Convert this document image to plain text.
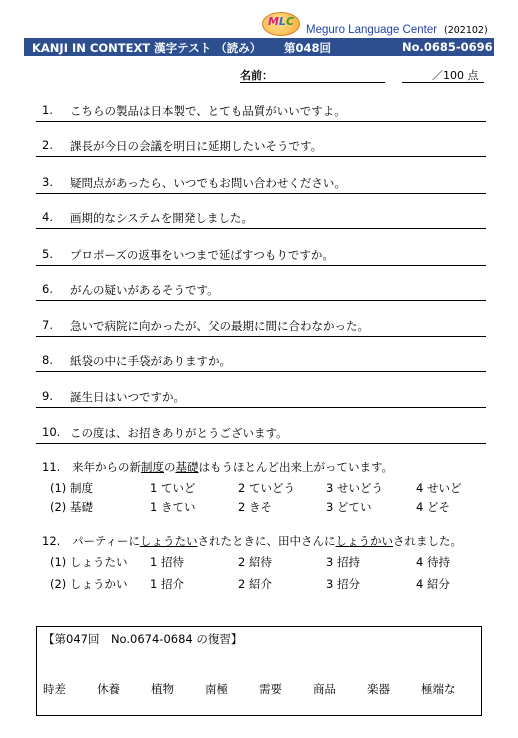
MLC
Meguro Language Center (202102)
KANJI IN CONTEXT 漢字テスト （読み） 第048回	No.0685-0696
名前：	／100 点
1. こちらの製品は日本製で、とても品質がいいですよ。
2. 課長が今日の会議を明日に延期したいそうです。
3. 疑問点があったら、いつでもお問い合わせください。
4. 画期的なシステムを開発しました。
5. プロポーズの返事をいつまで延ばすつもりですか。
6. がんの疑いがあるそうです。
7. 急いで病院に向かったが、父の最期に間に合わなかった。
8. 紙袋の中に手袋がありますか。
9. 誕生日はいつですか。
10. この度は、お招きありがとうございます。
11. 来年からの新制度の基礎はもうほとんど出来上がっています。
(1) 制度	1 ていど	2 ていどう	3 せいどう	4 せいど
(2) 基礎	1 きてい	2 きそ	3 どてい	4 どそ
12. パーティーにしょうたいされたときに、田中さんにしょうかいされました。
(1) しょうたい 1 招待	2 紹待	3 招持	4 待持
(2) しょうかい 1 招介	2 紹介	3 招分	4 紹分
【第047回　No.0674-0684 の復習】
時差	休養	植物	南極	需要	商品	楽器	極端な
